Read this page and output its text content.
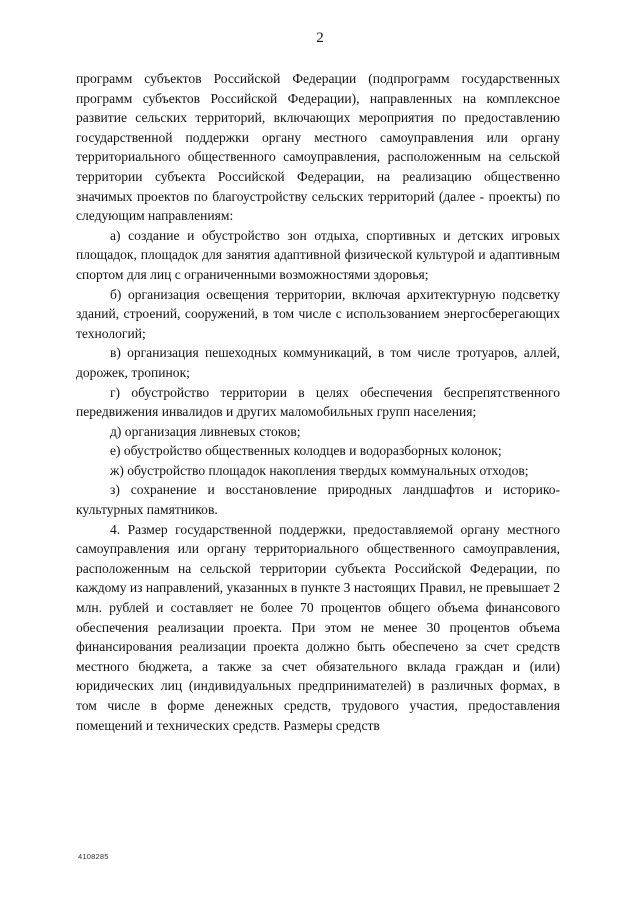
2

программ субъектов Российской Федерации (подпрограмм государственных программ субъектов Российской Федерации), направленных на комплексное развитие сельских территорий, включающих мероприятия по предоставлению государственной поддержки органу местного самоуправления или органу территориального общественного самоуправления, расположенным на сельской территории субъекта Российской Федерации, на реализацию общественно значимых проектов по благоустройству сельских территорий (далее - проекты) по следующим направлениям:

а) создание и обустройство зон отдыха, спортивных и детских игровых площадок, площадок для занятия адаптивной физической культурой и адаптивным спортом для лиц с ограниченными возможностями здоровья;

б) организация освещения территории, включая архитектурную подсветку зданий, строений, сооружений, в том числе с использованием энергосберегающих технологий;

в) организация пешеходных коммуникаций, в том числе тротуаров, аллей, дорожек, тропинок;

г) обустройство территории в целях обеспечения беспрепятственного передвижения инвалидов и других маломобильных групп населения;

д) организация ливневых стоков;

е) обустройство общественных колодцев и водоразборных колонок;

ж) обустройство площадок накопления твердых коммунальных отходов;

з) сохранение и восстановление природных ландшафтов и историко-культурных памятников.

4. Размер государственной поддержки, предоставляемой органу местного самоуправления или органу территориального общественного самоуправления, расположенным на сельской территории субъекта Российской Федерации, по каждому из направлений, указанных в пункте 3 настоящих Правил, не превышает 2 млн. рублей и составляет не более 70 процентов общего объема финансового обеспечения реализации проекта. При этом не менее 30 процентов объема финансирования реализации проекта должно быть обеспечено за счет средств местного бюджета, а также за счет обязательного вклада граждан и (или) юридических лиц (индивидуальных предпринимателей) в различных формах, в том числе в форме денежных средств, трудового участия, предоставления помещений и технических средств. Размеры средств

4108285
